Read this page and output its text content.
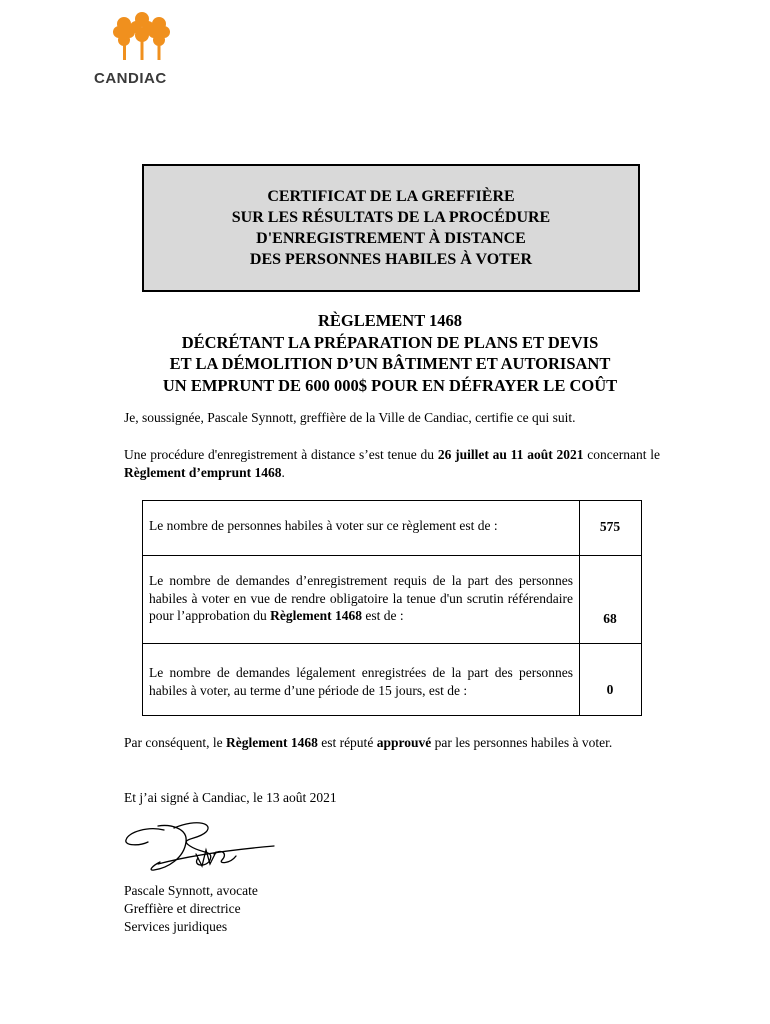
CANDIAC
CERTIFICAT DE LA GREFFIÈRE
SUR LES RÉSULTATS DE LA PROCÉDURE
D'ENREGISTREMENT À DISTANCE
DES PERSONNES HABILES À VOTER
RÈGLEMENT 1468
DÉCRÉTANT LA PRÉPARATION DE PLANS ET DEVIS
ET LA DÉMOLITION D’UN BÂTIMENT ET AUTORISANT
UN EMPRUNT DE 600 000$ POUR EN DÉFRAYER LE COÛT
Je, soussignée, Pascale Synnott, greffière de la Ville de Candiac, certifie ce qui suit.
Une procédure d'enregistrement à distance s’est tenue du 26 juillet au 11 août 2021 concernant le Règlement d’emprunt 1468.
Le nombre de personnes habiles à voter sur ce règlement est de :	575
Le nombre de demandes d’enregistrement requis de la part des personnes habiles à voter en vue de rendre obligatoire la tenue d'un scrutin référendaire pour l’approbation du Règlement 1468 est de :	68
Le nombre de demandes légalement enregistrées de la part des personnes habiles à voter, au terme d’une période de 15 jours, est de :	0
Par conséquent, le Règlement 1468 est réputé approuvé par les personnes habiles à voter.
Et j’ai signé à Candiac, le 13 août 2021
Pascale Synnott, avocate
Greffière et directrice
Services juridiques
